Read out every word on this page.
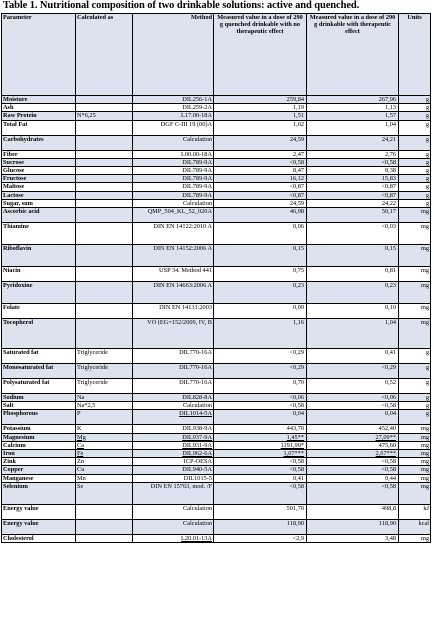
Table 1. Nutritional composition of two drinkable solutions: active and quenched.
Parameter	Calculated as	Method	Measured value in a dose of 290 g quenched drinkable with no therapeutic effect	Measured value in a dose of 290 g drinkable with therapeutic effect	Units
Moisture		DIL256-1A	259,84	267,96	g
Ash		DIL259-2A	1,19	1,13	g
Raw Protein	N*6,25	L17.00-18A	1,51	1,57	g
Total Fat		DGF C-III 19 (00)A	1,02	1,04	g
Carbohydrates		Calculation	24,59	24,21	g
Fiber		L00.00-18A	2,47	2,76	g
Sucrose		DIL789-9A	<0,58	<0,58	g
Glucose		DIL789-9A	8,47	8,38	g
Fructose		DIL789-9A	16,12	15,83	g
Maltose		DIL789-9A	<0,87	<0,87	g
Lactose		DIL789-9A	<0,87	<0,87	g
Sugar, sum		Calculation	24,59	24,22	g
Ascorbic acid		QMP_504_KL_52_020A	46,98	50,17	mg
Thiamine		DIN EN 14122:2010 A	0,06	<0,03	mg
Riboflavin		DIN EN 14152:2006 A	0,15	0,15	mg
Niacin		USP 34. Method 441	0,75	0,81	mg
Pyridoxine		DIN EN 14663:2006 A	0,23	0,23	mg
Folate		DIN EN 14131:2003	0,09	0,10	mg
Tocopherol		VO (EG=152/2009, IV, B	1,16	1,04	mg
Saturated fat	Triglyceride	DIL770-16A	<0,29	0,41	g
Monosaturated fat	Triglyceride	DIL770-16A	<0,29	<0,29	g
Polysaturated fat	Triglyceride	DIL770-16A	0,70	0,52	g
Sodium	Na	DIL828-8A	<0,06	<0,06	g
Salt	Na*2,5	Calculation	<0,58	<0,58	g
Phosphorous	P	DIL1014-5A	0,04	0,04	g
Potassium	K	DIL938-9A	443,70	452,40	mg
Magnesium	Mg	DIL937-9A	1,45**	27,09**	mg
Calcium	Ca	DIL931-9A	1191,90*	475,60	mg
Iron	Fe	DIL962-6A	1,07***	2,67***	mg
Zink	Zn	ICP-OESA	<0,58	<0,58	mg
Copper	Cu	DIL940-5A	<0,58	<0,58	mg
Manganese	Mn	DIL1015-5	0,41	0,44	mg
Selenium	Se	DIN EN 15763, mod. /F	<0,58	<0,58	mg
Energy value		Calculation	501,70	498,8	kJ
Energy value		Calculation	118,90	118,90	kcal
Cholesterol		L20.01-13A	<2,9	3,48	mg
